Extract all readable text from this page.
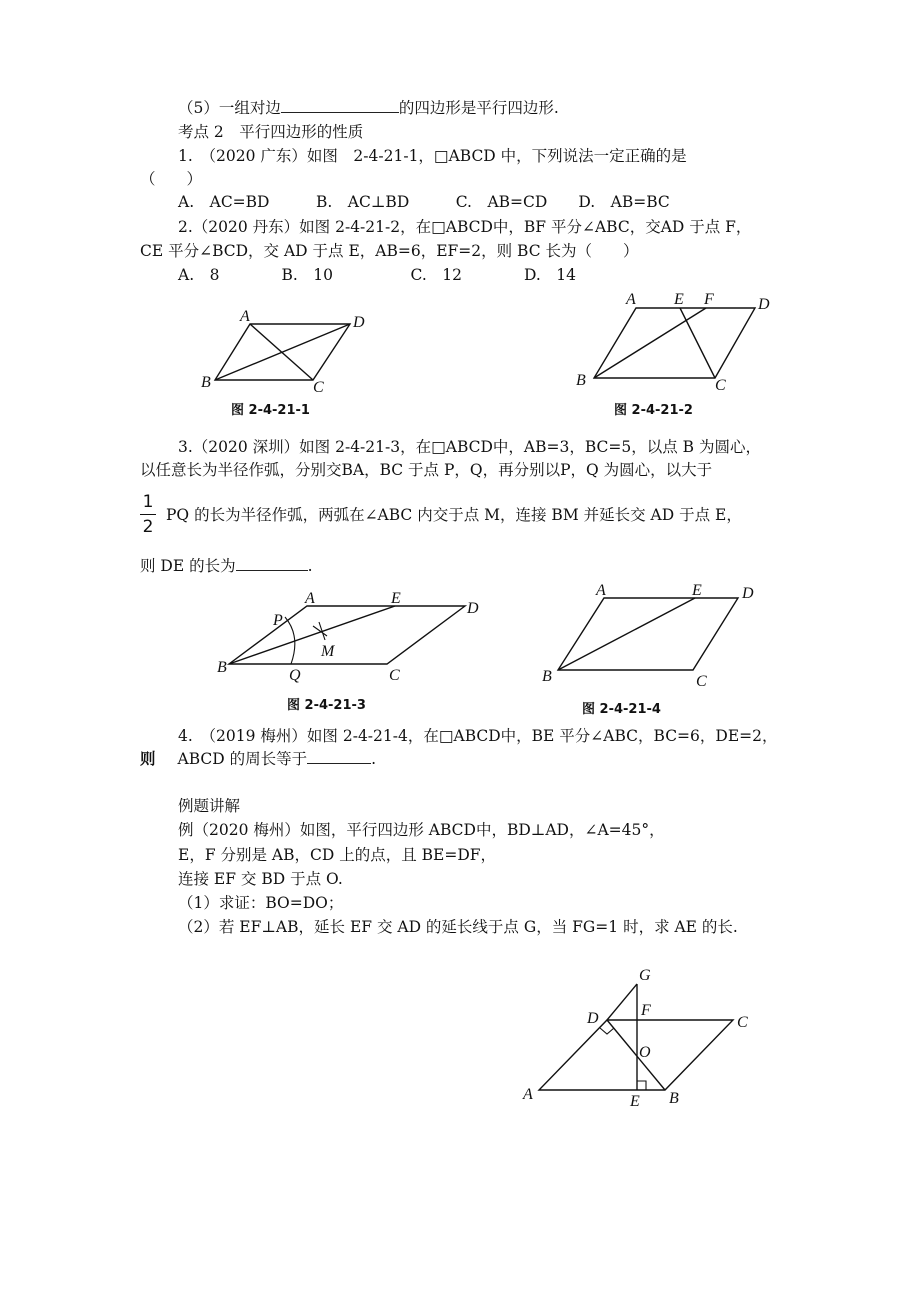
（5）一组对边	的四边形是平行四边形.
考点 2　平行四边形的性质
1.　（2020 广东）如图　2-4-21-1，□ABCD 中，下列说法一定正确的是
（　　）
A.　AC=BD　　　B.　AC⊥BD　　　C.　AB=CD　　D.　AB=BC
2.（2020 丹东）如图 2-4-21-2，在□ABCD中，BF 平分∠ABC，交AD 于点 F，
CE 平分∠BCD，交 AD 于点 E，AB=6，EF=2，则 BC 长为（　　）
A.　8　　　　B.　10　　　　　C.　12　　　　D.　14
A	D
B	C
图 2-4-21-1
A E F	D
B	C
图 2-4-21-2
3.（2020 深圳）如图 2-4-21-3，在□ABCD中，AB=3，BC=5，以点 B 为圆心，
以任意长为半径作弧，分别交BA，BC 于点 P，Q，再分别以P，Q 为圆心，以大于
1
2
PQ 的长为半径作弧，两弧在∠ABC 内交于点 M，连接 BM 并延长交 AD 于点 E，
则 DE 的长为	.
A	E
D
P
M
B	Q	C
图 2-4-21-3
A	E	D
B	C
图 2-4-21-4
4.　（2019 梅州）如图 2-4-21-4，在□ABCD中，BE 平分∠ABC，BC=6，DE=2，
则 ABCD 的周长等于	.
例题讲解
例（2020 梅州）如图，平行四边形 ABCD中，BD⊥AD，∠A=45°，
E，F 分别是 AB，CD 上的点，且 BE=DF，
连接 EF 交 BD 于点 O.
（1）求证：BO=DO；
（2）若 EF⊥AB，延长 EF 交 AD 的延长线于点 G，当 FG=1 时，求 AE 的长.
G
D	F
C
O
A	E B
